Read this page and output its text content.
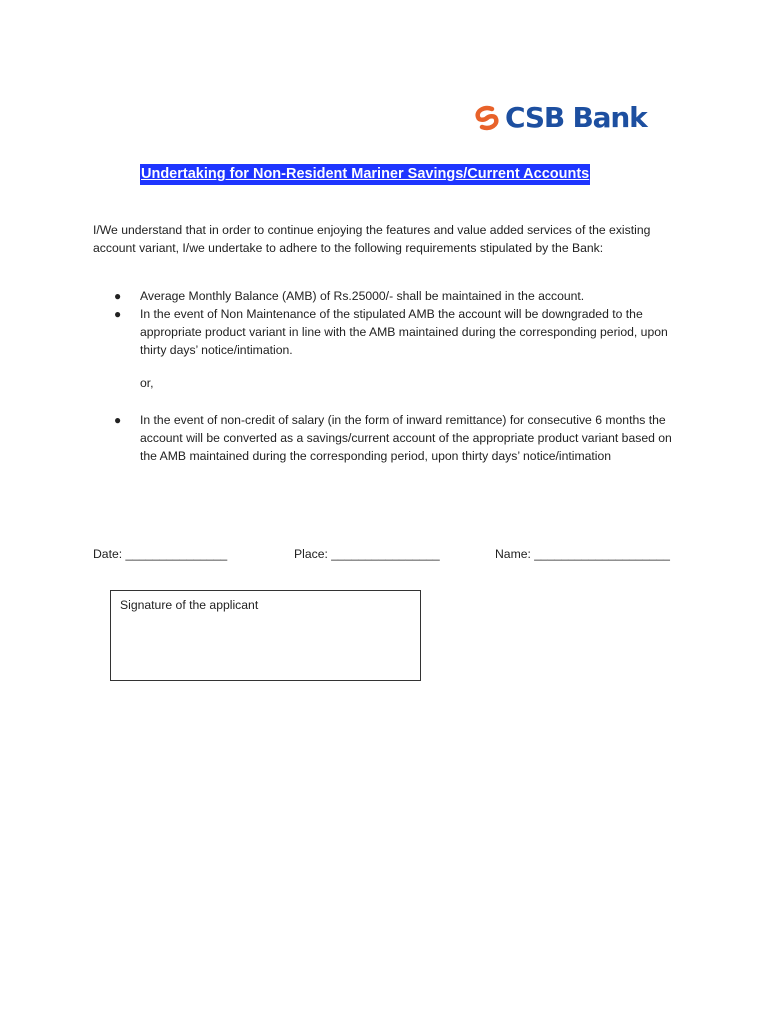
CSB Bank
Undertaking for Non-Resident Mariner Savings/Current Accounts

I/We understand that in order to continue enjoying the features and value added services of the existing account variant, I/we undertake to adhere to the following requirements stipulated by the Bank:

● Average Monthly Balance (AMB) of Rs.25000/- shall be maintained in the account.
● In the event of Non Maintenance of the stipulated AMB the account will be downgraded to the appropriate product variant in line with the AMB maintained during the corresponding period, upon thirty days’ notice/intimation.
or,
● In the event of non-credit of salary (in the form of inward remittance) for consecutive 6 months the account will be converted as a savings/current account of the appropriate product variant based on the AMB maintained during the corresponding period, upon thirty days’ notice/intimation
Date: _______________	Place: ________________	Name: ____________________
Signature of the applicant
